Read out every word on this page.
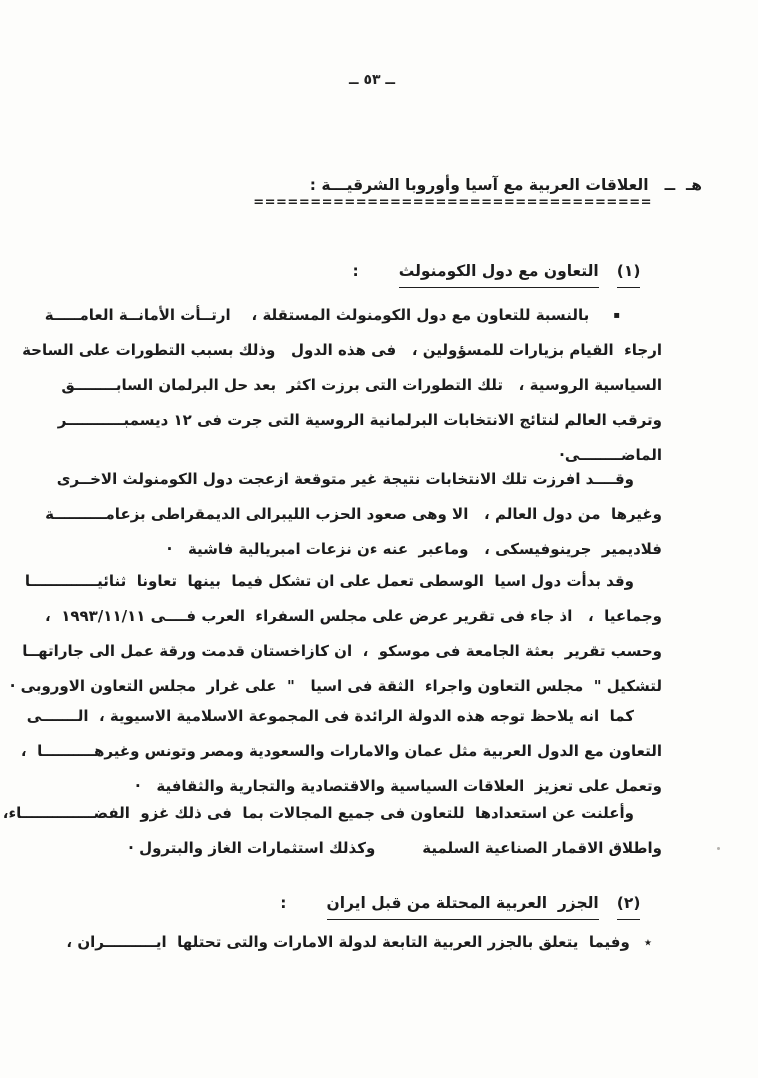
ــ ٥٣ ــ
هـ  ــ
العلاقات العربية مع آسيا وأوروبا الشرقيـــة :
===================================

(١)التعاون مع دول الكومنولث:

▪
بالنسبة للتعاون مع دول الكومنولث المستقلة ،    ارتــأت الأمانــة العامـــــة
ارجاء  القيام بزيارات للمسؤولين ،   فى هذه الدول   وذلك بسبب التطورات على الساحة
السياسية الروسية ،   تلك التطورات التى برزت اكثر  بعد حل البرلمان السابــــــــق
وترقب العالم لنتائج الانتخابات البرلمانية الروسية التى جرت فى ١٢ ديسمبـــــــــــر
الماضــــــــى·
وقــــد افرزت تلك الانتخابات نتيجة غير متوقعة ازعجت دول الكومنولث الاخــرى
وغيرها  من دول العالم ،   الا وهى صعود الحزب الليبرالى الديمقراطى بزعامــــــــــة
فلاديمير  جرينوفيسكى ،   وماعبر  عنه ءن نزعات امبريالية فاشية   ·
وقد بدأت دول اسيا  الوسطى تعمل على ان تشكل فيما  بينها  تعاونا  ثنائيـــــــــــــا
وجماعيا  ،   اذ جاء فى تقرير عرض على مجلس السفراء  العرب فــــى ١٩٩٣/١١/١١  ،
وحسب تقرير  بعثة الجامعة فى موسكو  ،  ان كازاخستان قدمت ورقة عمل الى جاراتهــا
لتشكيل "  مجلس التعاون واجراء  الثقة فى اسيا   "  على غرار  مجلس التعاون الاوروبى ·
كما  انه يلاحظ توجه هذه الدولة الرائدة فى المجموعة الاسلامية الاسيوية ،  الـــــــى
التعاون مع الدول العربية مثل عمان والامارات والسعودية ومصر وتونس وغيرهــــــــــا  ،
وتعمل على تعزيز  العلاقات السياسية والاقتصادية والتجارية والثقافية   ·
وأعلنت عن استعدادها  للتعاون فى جميع المجالات بما  فى ذلك غزو  الفضــــــــــــــاء،
واطلاق الاقمار الصناعية السلمية         وكذلك استثمارات الغاز والبترول ·

(٢)الجزر  العربية المحتلة من قبل ايران:

٭
وفيما  يتعلق بالجزر العربية التابعة لدولة الامارات والتى تحتلها  ايــــــــــران ،
